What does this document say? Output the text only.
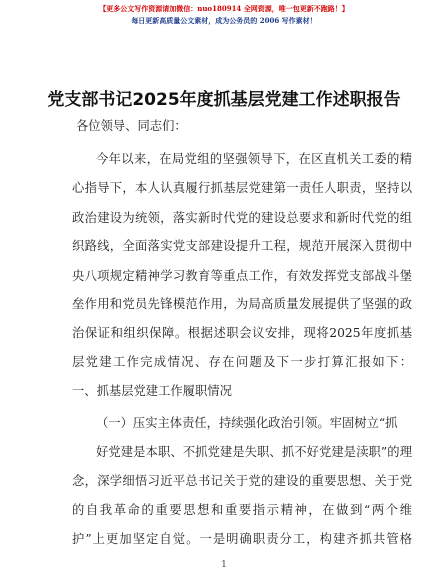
【更多公文写作资源请加微信：nuo180914 全网资源，唯一包更新不跑路！】
每日更新高质量公文素材，成为公务员的 2006 写作素材！
党支部书记2025年度抓基层党建工作述职报告
各位领导、同志们：
今年以来，在局党组的坚强领导下，在区直机关工委的精
心指导下，本人认真履行抓基层党建第一责任人职责，坚持以
政治建设为统领，落实新时代党的建设总要求和新时代党的组
织路线，全面落实党支部建设提升工程，规范开展深入贯彻中
央八项规定精神学习教育等重点工作，有效发挥党支部战斗堡
垒作用和党员先锋模范作用，为局高质量发展提供了坚强的政
治保证和组织保障。根据述职会议安排，现将2025年度抓基
层党建工作完成情况、存在问题及下一步打算汇报如下：
一、抓基层党建工作履职情况
（一）压实主体责任，持续强化政治引领。牢固树立“抓
好党建是本职、不抓党建是失职、抓不好党建是渎职”的理
念，深学细悟习近平总书记关于党的建设的重要思想、关于党
的自我革命的重要思想和重要指示精神，在做到“两个维
护”上更加坚定自觉。一是明确职责分工，构建齐抓共管格
1
